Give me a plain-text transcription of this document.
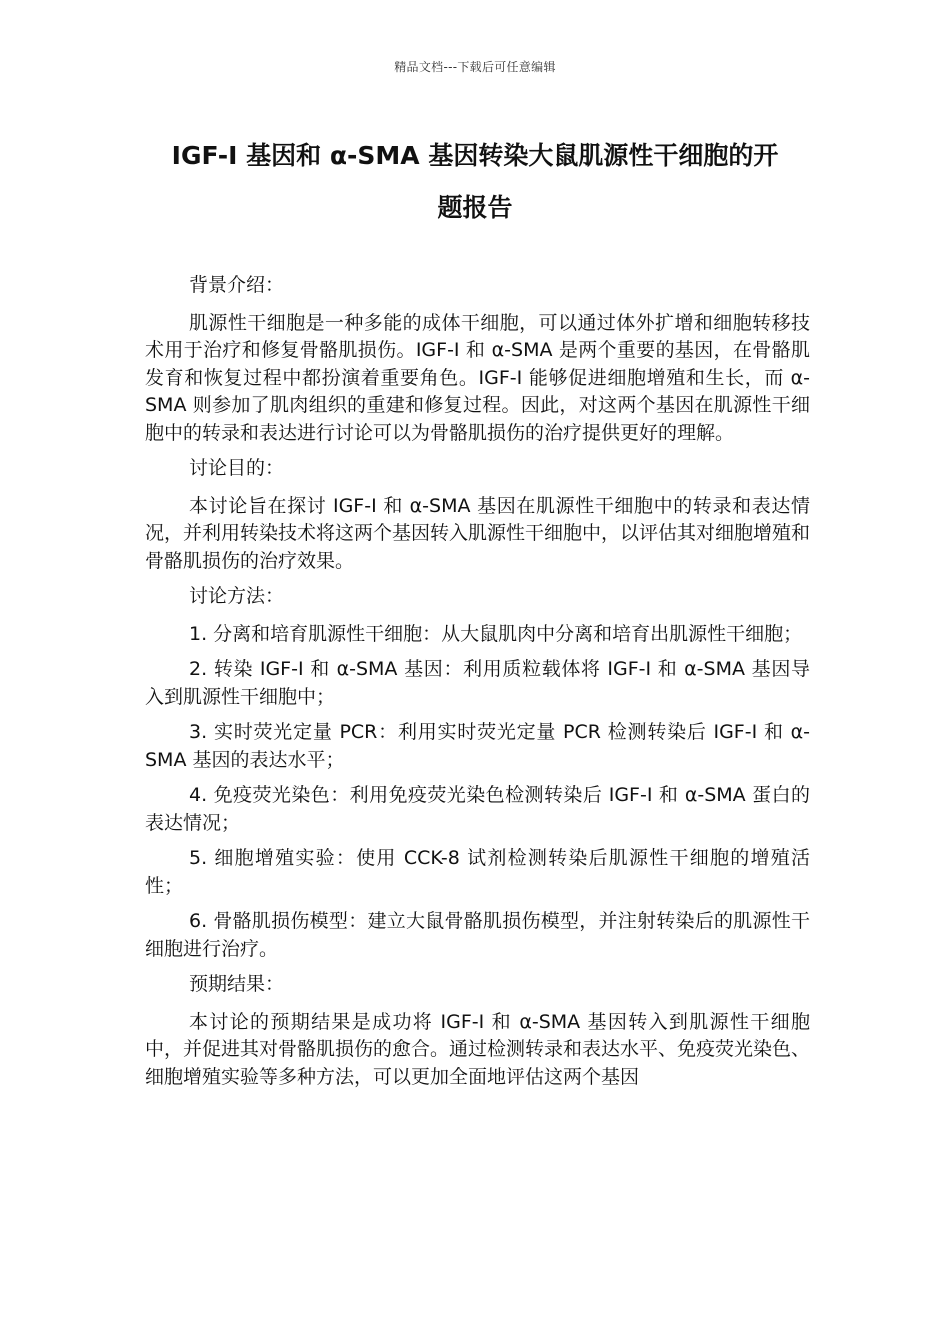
精品文档---下载后可任意编辑
IGF-I 基因和 α-SMA 基因转染大鼠肌源性干细胞的开
题报告

背景介绍：

肌源性干细胞是一种多能的成体干细胞，可以通过体外扩增和细胞转移技术用于治疗和修复骨骼肌损伤。IGF-I 和 α-SMA 是两个重要的基因，在骨骼肌发育和恢复过程中都扮演着重要角色。IGF-I 能够促进细胞增殖和生长，而 α-SMA 则参加了肌肉组织的重建和修复过程。因此，对这两个基因在肌源性干细胞中的转录和表达进行讨论可以为骨骼肌损伤的治疗提供更好的理解。

讨论目的：

本讨论旨在探讨 IGF-I 和 α-SMA 基因在肌源性干细胞中的转录和表达情况，并利用转染技术将这两个基因转入肌源性干细胞中，以评估其对细胞增殖和骨骼肌损伤的治疗效果。

讨论方法：

1. 分离和培育肌源性干细胞：从大鼠肌肉中分离和培育出肌源性干细胞；

2. 转染 IGF-I 和 α-SMA 基因：利用质粒载体将 IGF-I 和 α-SMA 基因导入到肌源性干细胞中；

3. 实时荧光定量 PCR：利用实时荧光定量 PCR 检测转染后 IGF-I 和 α-SMA 基因的表达水平；

4. 免疫荧光染色：利用免疫荧光染色检测转染后 IGF-I 和 α-SMA 蛋白的表达情况；

5. 细胞增殖实验：使用 CCK-8 试剂检测转染后肌源性干细胞的增殖活性；

6. 骨骼肌损伤模型：建立大鼠骨骼肌损伤模型，并注射转染后的肌源性干细胞进行治疗。

预期结果：

本讨论的预期结果是成功将 IGF-I 和 α-SMA 基因转入到肌源性干细胞中，并促进其对骨骼肌损伤的愈合。通过检测转录和表达水平、免疫荧光染色、细胞增殖实验等多种方法，可以更加全面地评估这两个基因
